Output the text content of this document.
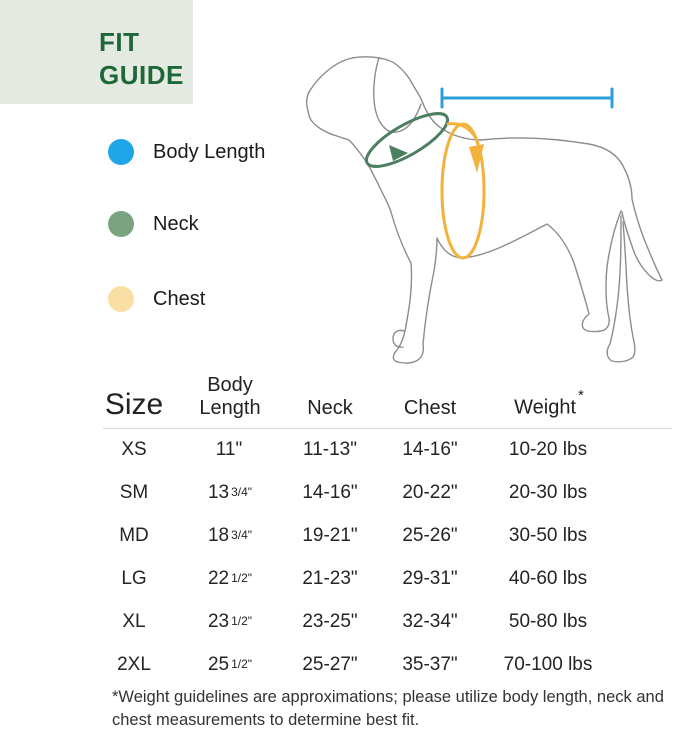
FIT
GUIDE
Body Length
Neck
Chest
Size
XS
SM
MD
LG
XL
2XL
Body
Length
11"
$13^{3/4"}$
$18^{3/4"}$
$22^{1/2"}$
$23^{1/2"}$
$25^{1/2"}$
Neck
11-13"
14-16"
19-21"
21-23"
23-25"
25-27"
Chest
14-16"
20-22"
25-26"
29-31"
32-34"
35-37"
Weight*
10-20 lbs
20-30 lbs
30-50 lbs
40-60 lbs
50-80 lbs
70-100 lbs
*Weight guidelines are approximations; please utilize body length, neck and chest measurements to determine best fit.
